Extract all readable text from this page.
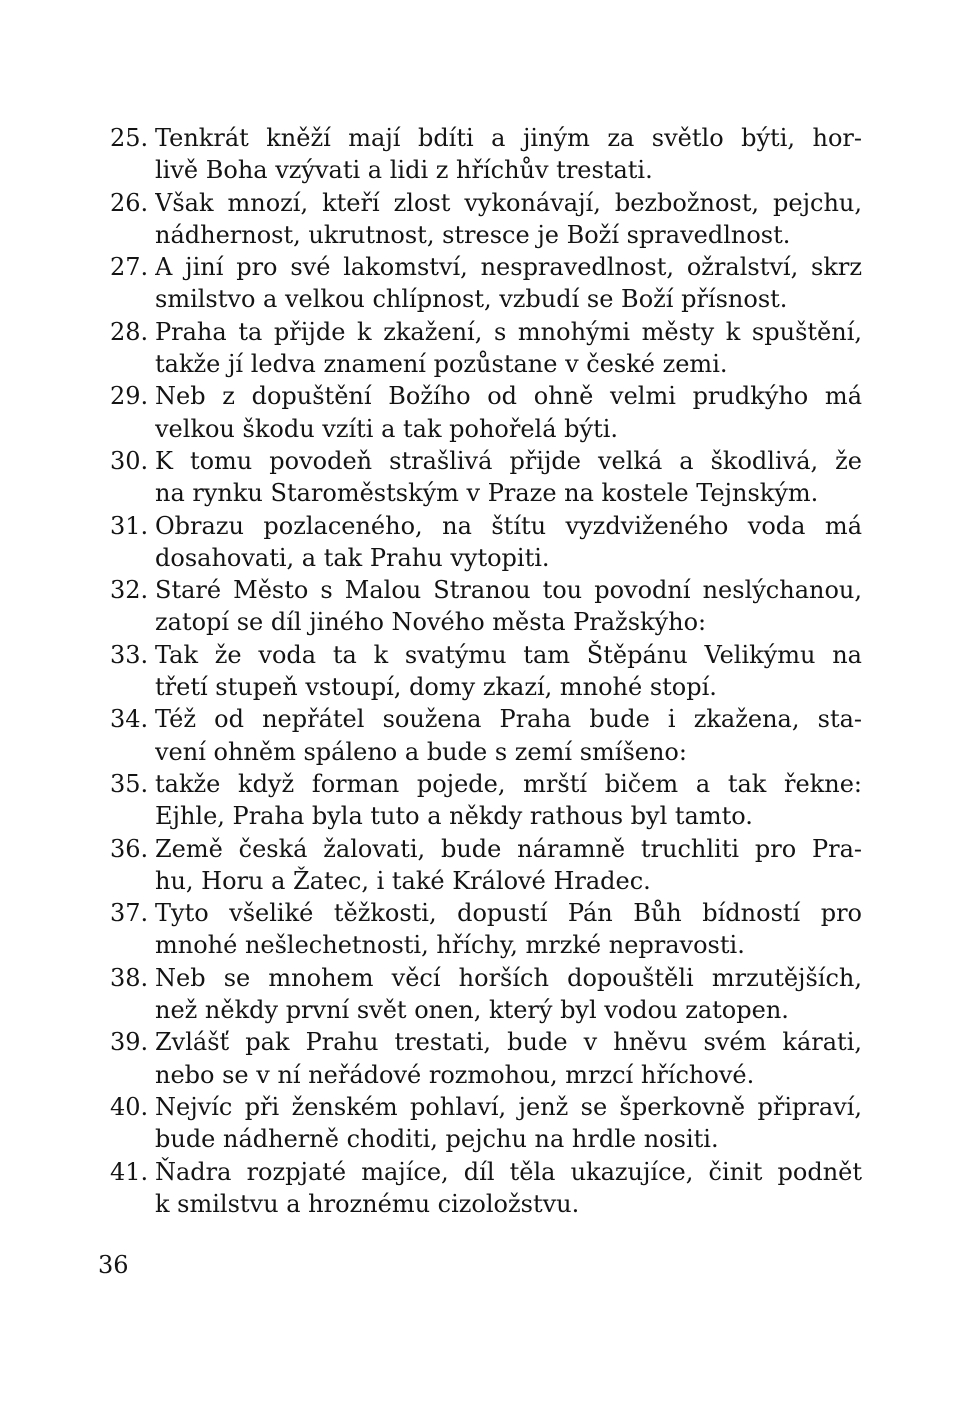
25. Tenkrát kněží mají bdíti a jiným za světlo býti, hor-
livě Boha vzývati a lidi z hříchův trestati.
26. Však mnozí, kteří zlost vykonávají, bezbožnost, pejchu,
nádhernost, ukrutnost, stresce je Boží spravedlnost.
27. A jiní pro své lakomství, nespravedlnost, ožralství, skrz
smilstvo a velkou chlípnost, vzbudí se Boží přísnost.
28. Praha ta přijde k zkažení, s mnohými městy k spuštění,
takže jí ledva znamení pozůstane v české zemi.
29. Neb z dopuštění Božího od ohně velmi prudkýho má
velkou škodu vzíti a tak pohořelá býti.
30. K tomu povodeň strašlivá přijde velká a škodlivá, že
na rynku Staroměstským v Praze na kostele Tejnským.
31. Obrazu pozlaceného, na štítu vyzdviženého voda má
dosahovati, a tak Prahu vytopiti.
32. Staré Město s Malou Stranou tou povodní neslýchanou,
zatopí se díl jiného Nového města Pražskýho:
33. Tak že voda ta k svatýmu tam Štěpánu Velikýmu na
třetí stupeň vstoupí, domy zkazí, mnohé stopí.
34. Též od nepřátel soužena Praha bude i zkažena, sta-
vení ohněm spáleno a bude s zemí smíšeno:
35. takže když forman pojede, mrští bičem a tak řekne:
Ejhle, Praha byla tuto a někdy rathous byl tamto.
36. Země česká žalovati, bude náramně truchliti pro Pra-
hu, Horu a Žatec, i také Králové Hradec.
37. Tyto všeliké těžkosti, dopustí Pán Bůh bídností pro
mnohé nešlechetnosti, hříchy, mrzké nepravosti.
38. Neb se mnohem věcí horších dopouštěli mrzutějších,
než někdy první svět onen, který byl vodou zatopen.
39. Zvlášť pak Prahu trestati, bude v hněvu svém kárati,
nebo se v ní neřádové rozmohou, mrzcí hříchové.
40. Nejvíc při ženském pohlaví, jenž se šperkovně připraví,
bude nádherně choditi, pejchu na hrdle nositi.
41. Ňadra rozpjaté majíce, díl těla ukazujíce, činit podnět
k smilstvu a hroznému cizoložstvu.
36
